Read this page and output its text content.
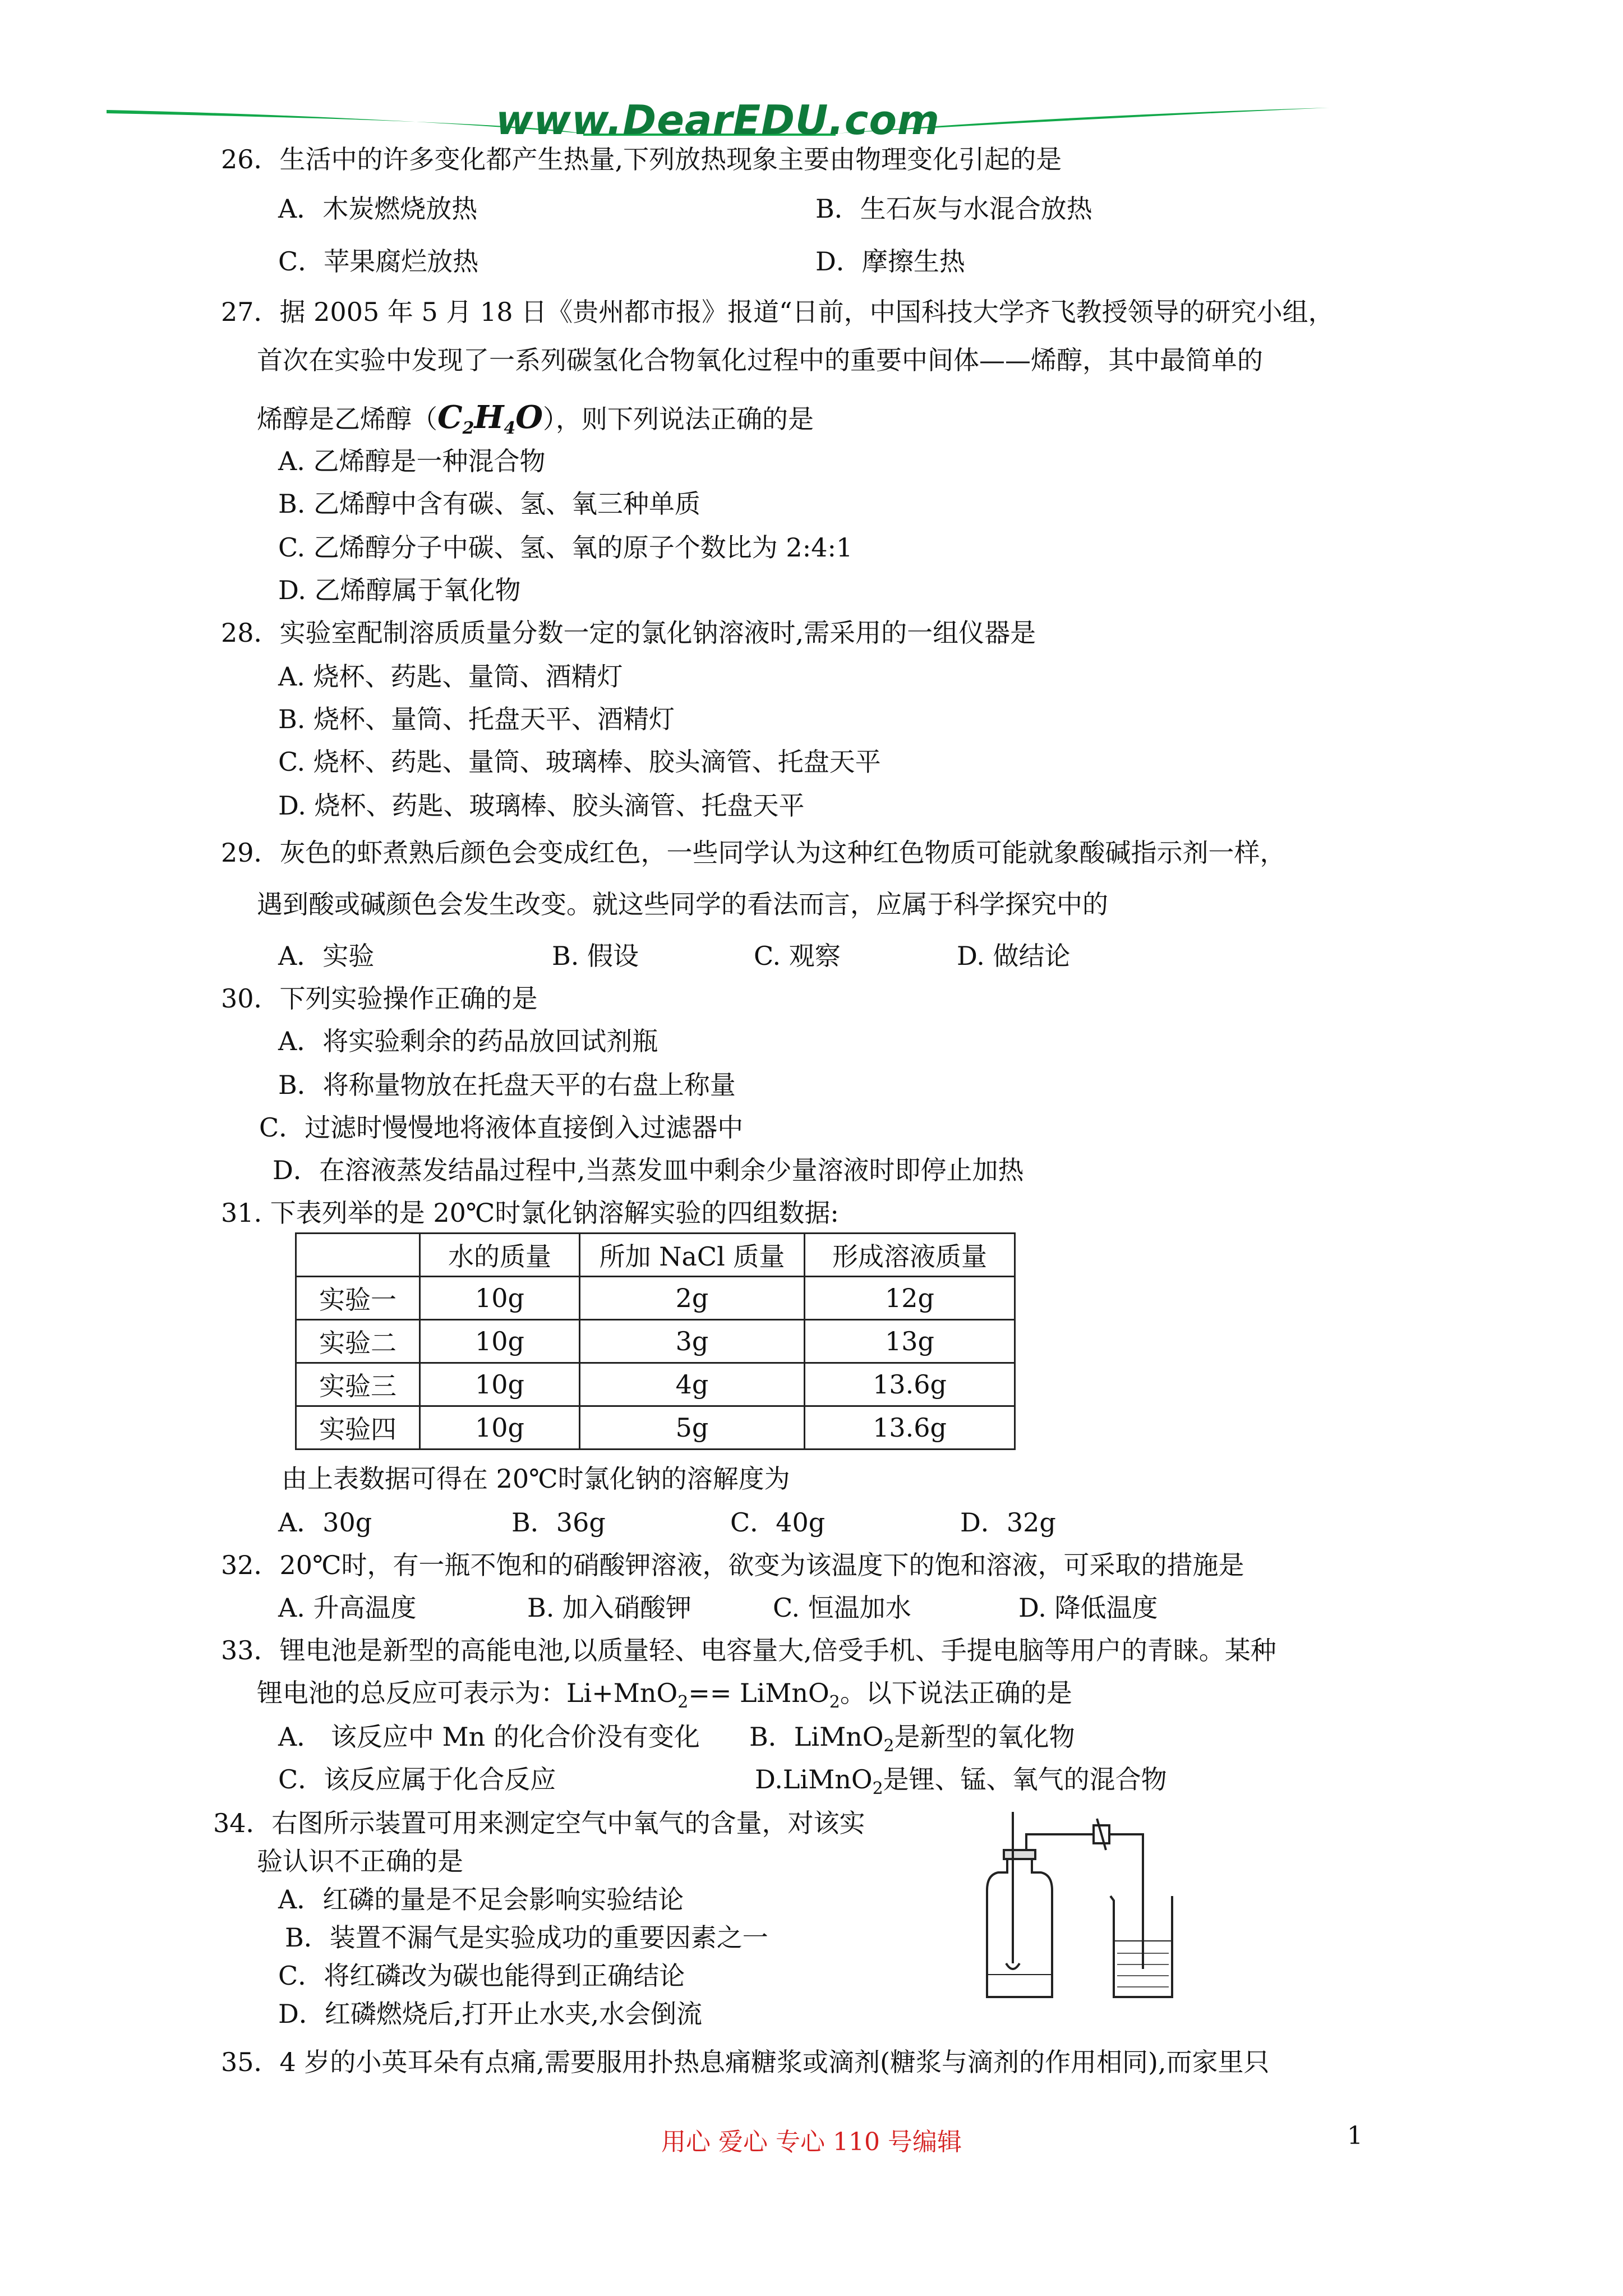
www.DearEDU.com
26．生活中的许多变化都产生热量,下列放热现象主要由物理变化引起的是
A．木炭燃烧放热	B．生石灰与水混合放热
C．苹果腐烂放热	D．摩擦生热
27．据 2005 年 5 月 18 日《贵州都市报》报道“日前，中国科技大学齐飞教授领导的研究小组，
首次在实验中发现了一系列碳氢化合物氧化过程中的重要中间体——烯醇，其中最简单的
烯醇是乙烯醇$(C_2H_4O)$，则下列说法正确的是
A. 乙烯醇是一种混合物
B. 乙烯醇中含有碳、氢、氧三种单质
C. 乙烯醇分子中碳、氢、氧的原子个数比为 2:4:1
D. 乙烯醇属于氧化物
28．实验室配制溶质质量分数一定的氯化钠溶液时,需采用的一组仪器是
A. 烧杯、药匙、量筒、酒精灯
B. 烧杯、量筒、托盘天平、酒精灯
C. 烧杯、药匙、量筒、玻璃棒、胶头滴管、托盘天平
D. 烧杯、药匙、玻璃棒、胶头滴管、托盘天平
29．灰色的虾煮熟后颜色会变成红色，一些同学认为这种红色物质可能就象酸碱指示剂一样，
遇到酸或碱颜色会发生改变。就这些同学的看法而言，应属于科学探究中的
A．实验	B. 假设	C. 观察	D. 做结论
30．下列实验操作正确的是
A．将实验剩余的药品放回试剂瓶
B．将称量物放在托盘天平的右盘上称量
C．过滤时慢慢地将液体直接倒入过滤器中
D．在溶液蒸发结晶过程中,当蒸发皿中剩余少量溶液时即停止加热
31. 下表列举的是 20℃时氯化钠溶解实验的四组数据:
	水的质量	所加 NaCl 质量	形成溶液质量
实验一	10g	2g	12g
实验二	10g	3g	13g
实验三	10g	4g	13.6g
实验四	10g	5g	13.6g
由上表数据可得在 20℃时氯化钠的溶解度为
A．30g	B．36g	C．40g	D．32g
32．20℃时，有一瓶不饱和的硝酸钾溶液，欲变为该温度下的饱和溶液，可采取的措施是
A. 升高温度	B. 加入硝酸钾	C. 恒温加水	D. 降低温度
33．锂电池是新型的高能电池,以质量轻、电容量大,倍受手机、手提电脑等用户的青睐。某种
锂电池的总反应可表示为：Li+MnO$_2$== LiMnO$_2$。以下说法正确的是
A． 该反应中 Mn 的化合价没有变化 B．LiMnO$_2$是新型的氧化物
C．该反应属于化合反应	D.LiMnO$_2$是锂、锰、氧气的混合物
34．右图所示装置可用来测定空气中氧气的含量，对该实
验认识不正确的是
A．红磷的量是不足会影响实验结论
B．装置不漏气是实验成功的重要因素之一
C．将红磷改为碳也能得到正确结论
D．红磷燃烧后,打开止水夹,水会倒流
35．4 岁的小英耳朵有点痛,需要服用扑热息痛糖浆或滴剂(糖浆与滴剂的作用相同),而家里只
用心 爱心 专心 110 号编辑	1
